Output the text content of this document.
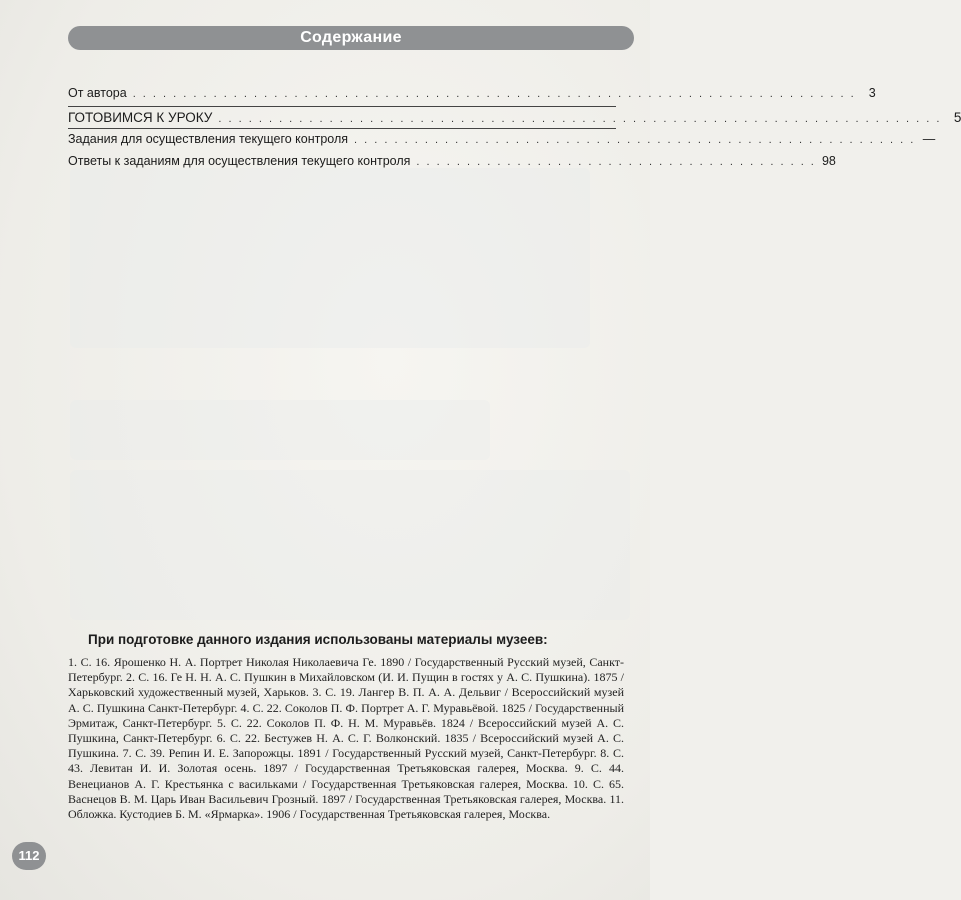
Содержание
От автора . . . . . . . . . . . . . . . . . . . . . . . . . . . . . . . . . . . . . . . . . . . . . . . . . . . . . . . . . . . . . . . . . . . . . . . .	3
ГОТОВИМСЯ К УРОКУ . . . . . . . . . . . . . . . . . . . . . . . . . . . . . . . . . . . . . . . . . . . . . . . . . . . . . . . . . . . . . . . . . . . . . . . . 5
Задания для осуществления текущего контроля . . . . . . . . . . . . . . . . . . . . . . . . . . . . . . . . . . . . . . . . . . . . . . . . . . . . . . . . —
Ответы к заданиям для осуществления текущего контроля . . . . . . . . . . . . . . . . . . . . . . . . . . . . . . . . . . . . . . . . 98
При подготовке данного издания использованы материалы музеев:
1. С. 16. Ярошенко Н. А. Портрет Николая Николаевича Ге. 1890 / Государственный Русский музей, Санкт-Петербург. 2. С. 16. Ге Н. Н. А. С. Пушкин в Михайловском (И. И. Пущин в гостях у А. С. Пушкина). 1875 / Харьковский художественный музей, Харьков. 3. С. 19. Лангер В. П. А. А. Дельвиг / Всероссийский музей А. С. Пушкина Санкт-Петербург. 4. С. 22. Соколов П. Ф. Портрет А. Г. Муравьёвой. 1825 / Государственный Эрмитаж, Санкт-Петербург. 5. С. 22. Соколов П. Ф. Н. М. Муравьёв. 1824 / Всероссийский музей А. С. Пушкина, Санкт-Петербург. 6. С. 22. Бестужев Н. А. С. Г. Волконский. 1835 / Всероссийский музей А. С. Пушкина. 7. С. 39. Репин И. Е. Запорожцы. 1891 / Государственный Русский музей, Санкт-Петербург. 8. С. 43. Левитан И. И. Золотая осень. 1897 / Государственная Третьяковская галерея, Москва. 9. С. 44. Венецианов А. Г. Крестьянка с васильками / Государственная Третьяковская галерея, Москва. 10. С. 65. Васнецов В. М. Царь Иван Васильевич Грозный. 1897 / Государственная Третьяковская галерея, Москва. 11. Обложка. Кустодиев Б. М. «Ярмарка». 1906 / Государственная Третьяковская галерея, Москва.
112
